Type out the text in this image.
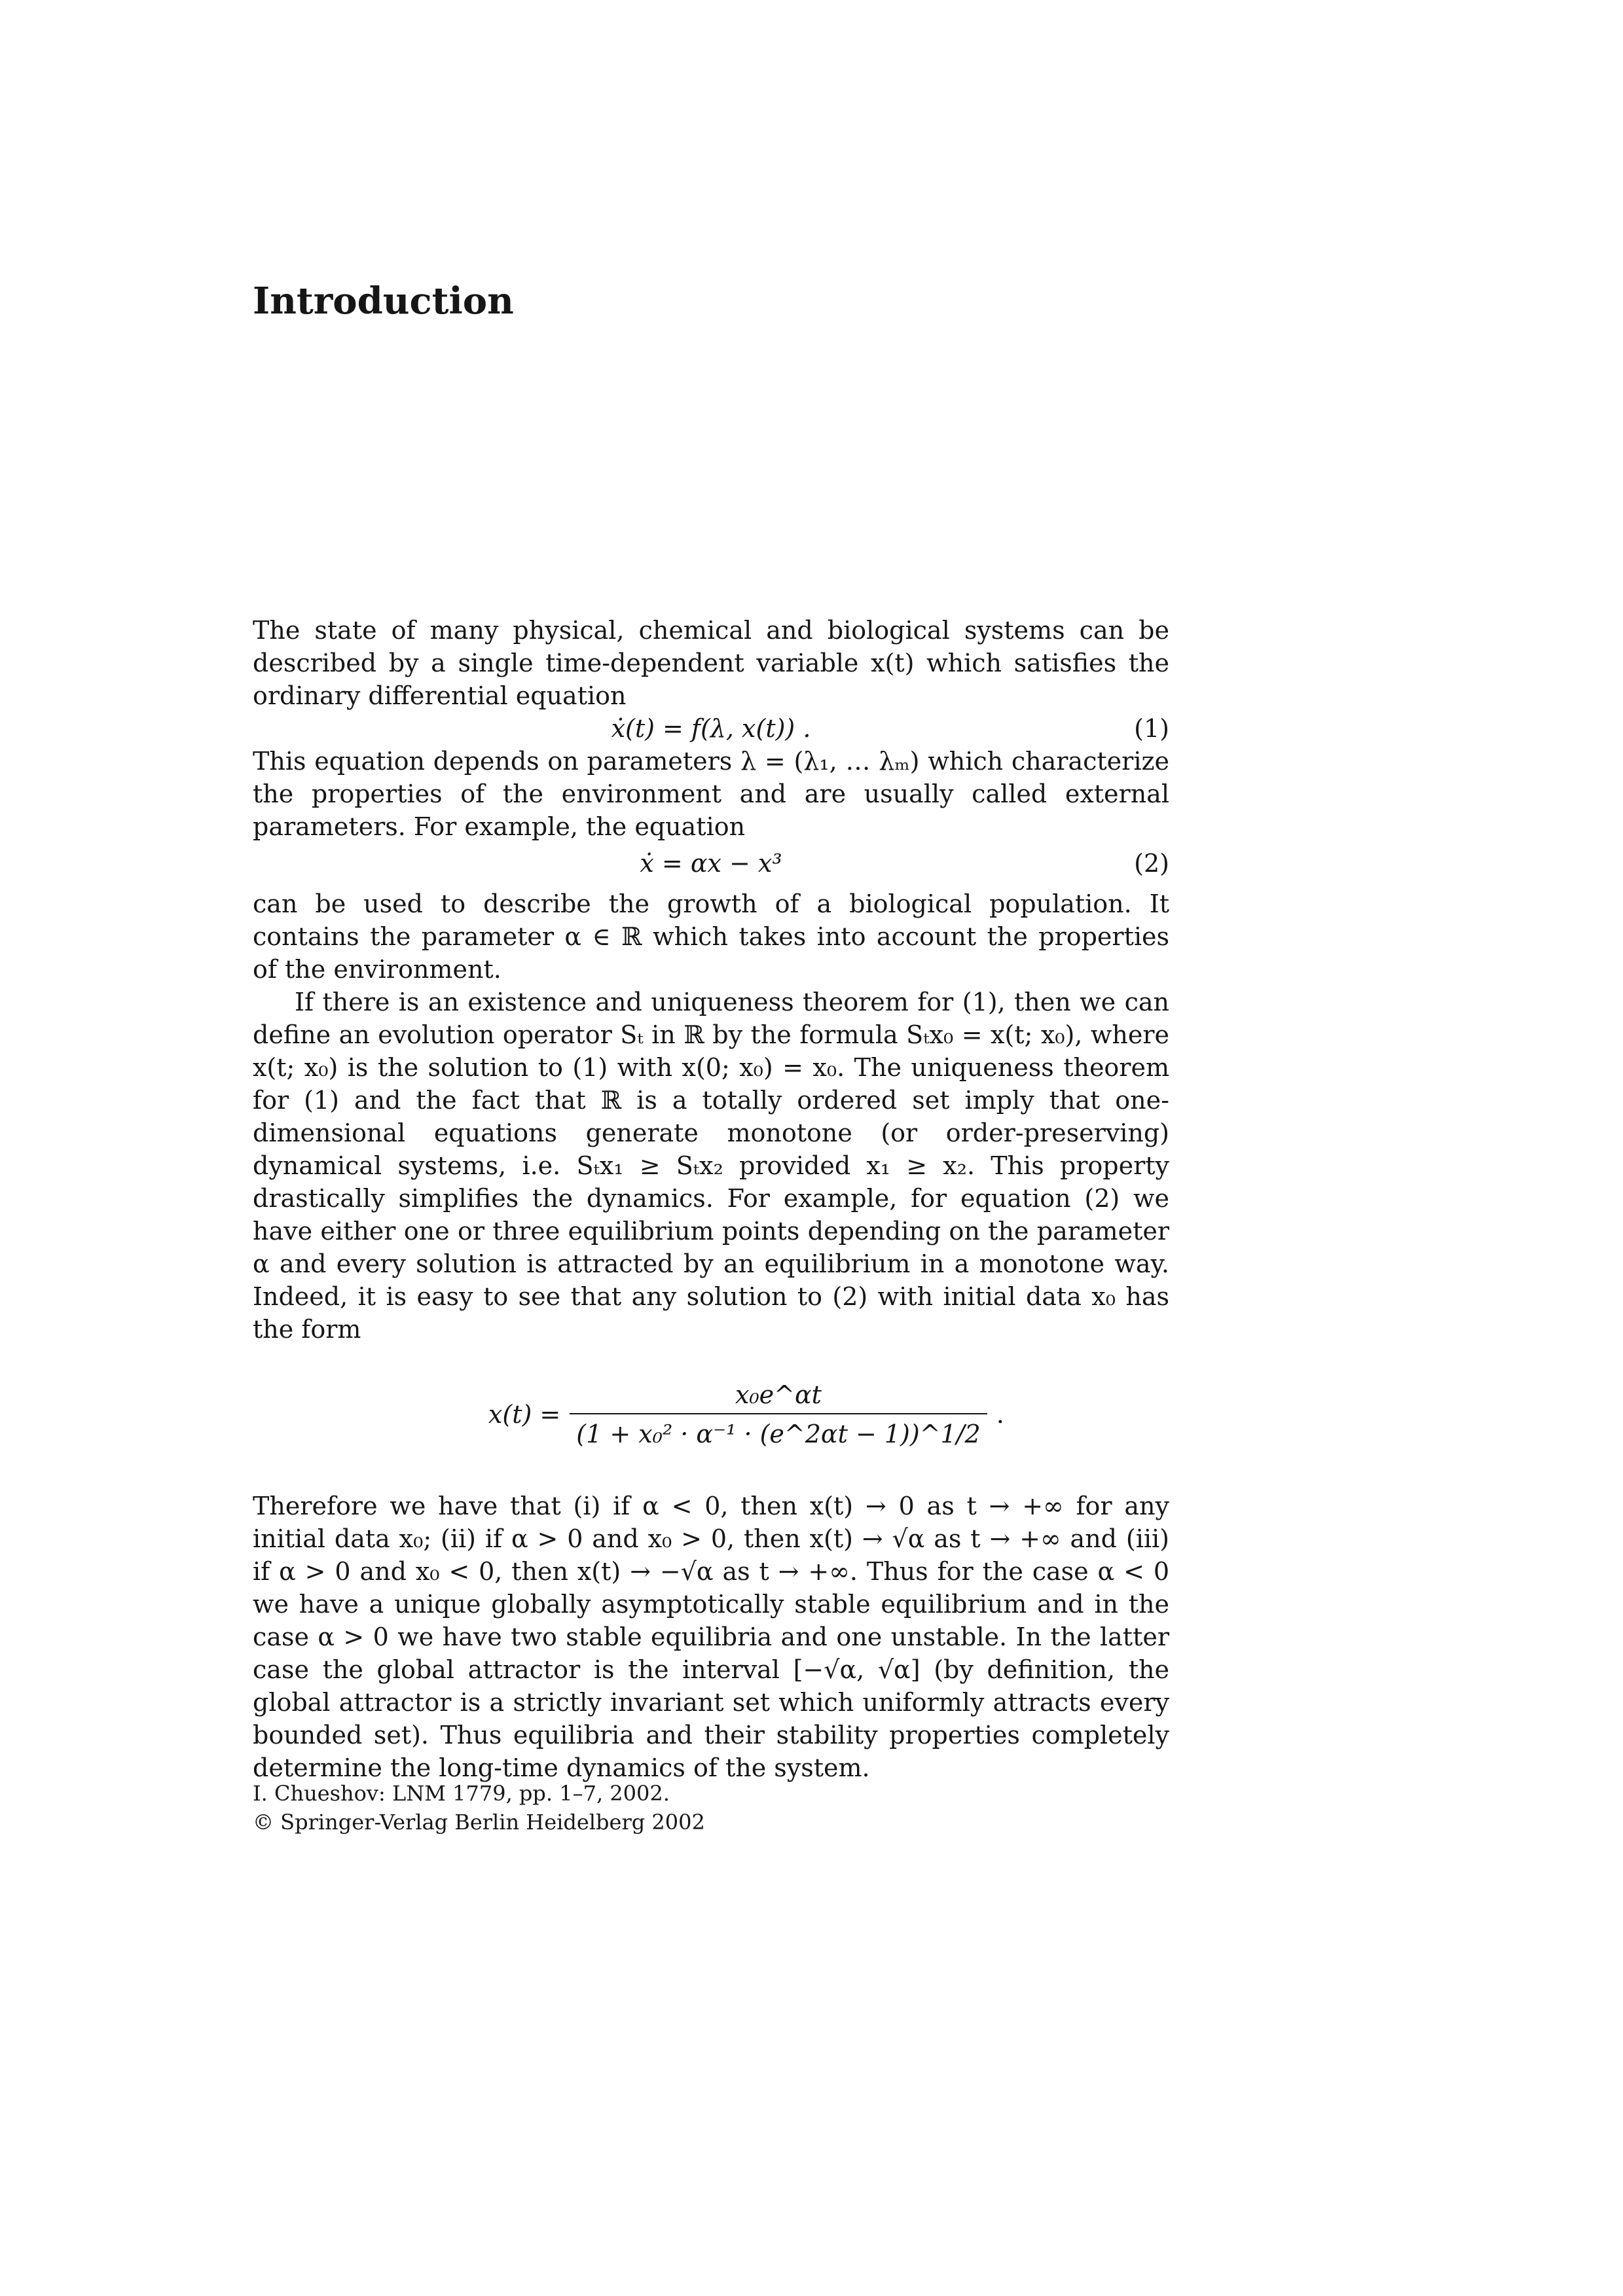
Introduction

The state of many physical, chemical and biological systems can be described by a single time-dependent variable x(t) which satisfies the ordinary differential equation

ẋ(t) = f(λ, x(t)) .	(1)

This equation depends on parameters λ = (λ₁, … λₘ) which characterize the properties of the environment and are usually called external parameters. For example, the equation

ẋ = αx − x³	(2)

can be used to describe the growth of a biological population. It contains the parameter α ∈ ℝ which takes into account the properties of the environment.

If there is an existence and uniqueness theorem for (1), then we can define an evolution operator Sₜ in ℝ by the formula Sₜx₀ = x(t; x₀), where x(t; x₀) is the solution to (1) with x(0; x₀) = x₀. The uniqueness theorem for (1) and the fact that ℝ is a totally ordered set imply that one-dimensional equations generate monotone (or order-preserving) dynamical systems, i.e. Sₜx₁ ≥ Sₜx₂ provided x₁ ≥ x₂. This property drastically simplifies the dynamics. For example, for equation (2) we have either one or three equilibrium points depending on the parameter α and every solution is attracted by an equilibrium in a monotone way. Indeed, it is easy to see that any solution to (2) with initial data x₀ has the form

$x(t) = \frac{\text{x₀e\textasciicircum{}αt}}{\text{(1 + x₀² · α⁻¹ · (e\textasciicircum{}2αt − 1))\textasciicircum{}1/2}}$ .

Therefore we have that (i) if α < 0, then x(t) → 0 as t → +∞ for any initial data x₀; (ii) if α > 0 and x₀ > 0, then x(t) → √α as t → +∞ and (iii) if α > 0 and x₀ < 0, then x(t) → −√α as t → +∞. Thus for the case α < 0 we have a unique globally asymptotically stable equilibrium and in the case α > 0 we have two stable equilibria and one unstable. In the latter case the global attractor is the interval [−√α, √α] (by definition, the global attractor is a strictly invariant set which uniformly attracts every bounded set). Thus equilibria and their stability properties completely determine the long-time dynamics of the system.

I. Chueshov: LNM 1779, pp. 1–7, 2002.
© Springer-Verlag Berlin Heidelberg 2002
